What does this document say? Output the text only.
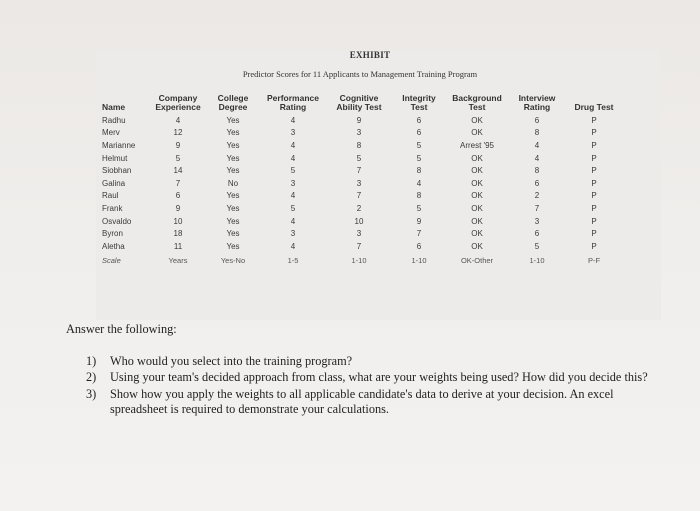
EXHIBIT
Predictor Scores for 11 Applicants to Management Training Program
Name	Company Experience	College Degree	Performance Rating	Cognitive Ability Test	Integrity Test	Background Test	Interview Rating	Drug Test
Radhu	4	Yes	4	9	6	OK	6	P
Merv	12	Yes	3	3	6	OK	8	P
Marianne	9	Yes	4	8	5	Arrest '95	4	P
Helmut	5	Yes	4	5	5	OK	4	P
Siobhan	14	Yes	5	7	8	OK	8	P
Galina	7	No	3	3	4	OK	6	P
Raul	6	Yes	4	7	8	OK	2	P
Frank	9	Yes	5	2	5	OK	7	P
Osvaldo	10	Yes	4	10	9	OK	3	P
Byron	18	Yes	3	3	7	OK	6	P
Aletha	11	Yes	4	7	6	OK	5	P
Scale	Years	Yes-No	1-5	1-10	1-10	OK-Other	1-10	P-F

Answer the following:

1) Who would you select into the training program?
2) Using your team's decided approach from class, what are your weights being used? How did you decide this?
3) Show how you apply the weights to all applicable candidate's data to derive at your decision. An excel spreadsheet is required to demonstrate your calculations.
